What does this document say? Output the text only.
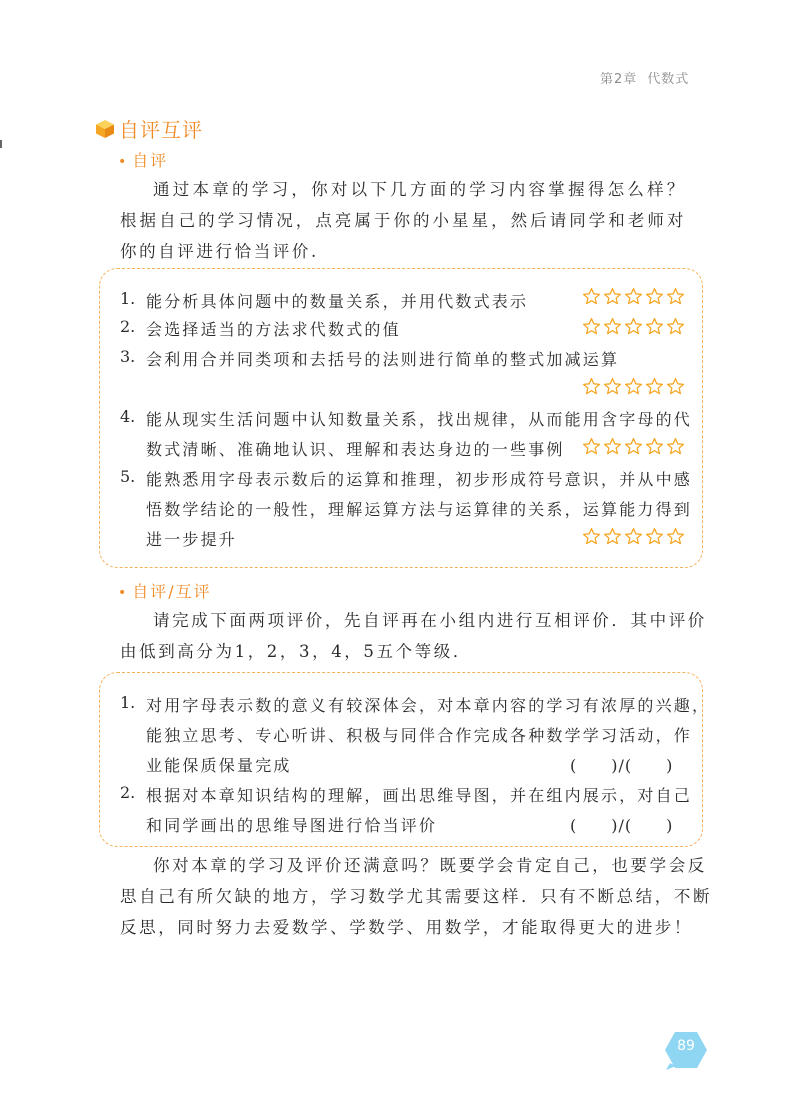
第2章 代数式
自评互评
• 自评
通过本章的学习，你对以下几方面的学习内容掌握得怎么样？根据自己的学习情况，点亮属于你的小星星，然后请同学和老师对你的自评进行恰当评价.
1. 能分析具体问题中的数量关系，并用代数式表示
2. 会选择适当的方法求代数式的值
3. 会利用合并同类项和去括号的法则进行简单的整式加减运算
4. 能从现实生活问题中认知数量关系，找出规律，从而能用含字母的代
数式清晰、准确地认识、理解和表达身边的一些事例
5. 能熟悉用字母表示数后的运算和推理，初步形成符号意识，并从中感
悟数学结论的一般性，理解运算方法与运算律的关系，运算能力得到
进一步提升
• 自评/互评
请完成下面两项评价，先自评再在小组内进行互相评价．其中评价
由低到高分为1，2，3，4，5五个等级．
1. 对用字母表示数的意义有较深体会，对本章内容的学习有浓厚的兴趣，
能独立思考、专心听讲、积极与同伴合作完成各种数学学习活动，作
业能保质保量完成	(　　)/(　　)
2. 根据对本章知识结构的理解，画出思维导图，并在组内展示，对自己
和同学画出的思维导图进行恰当评价	(　　)/(　　)
你对本章的学习及评价还满意吗？既要学会肯定自己，也要学会反
思自己有所欠缺的地方，学习数学尤其需要这样．只有不断总结，不断
反思，同时努力去爱数学、学数学、用数学，才能取得更大的进步！
89
